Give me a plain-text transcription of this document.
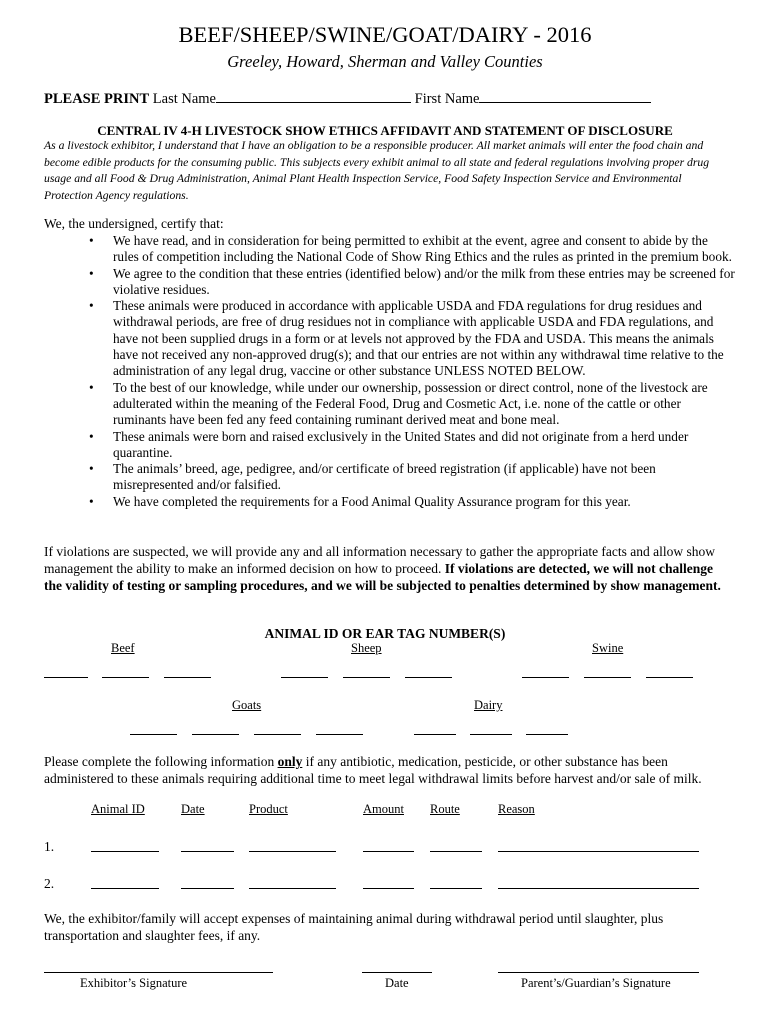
BEEF/SHEEP/SWINE/GOAT/DAIRY - 2016
Greeley, Howard, Sherman and Valley Counties
PLEASE PRINT Last Name	First Name
CENTRAL IV 4-H LIVESTOCK SHOW ETHICS AFFIDAVIT AND STATEMENT OF DISCLOSURE
As a livestock exhibitor, I understand that I have an obligation to be a responsible producer. All market animals will enter the food chain and become edible products for the consuming public. This subjects every exhibit animal to all state and federal regulations involving proper drug usage and all Food & Drug Administration, Animal Plant Health Inspection Service, Food Safety Inspection Service and Environmental Protection Agency regulations.
We, the undersigned, certify that:
• We have read, and in consideration for being permitted to exhibit at the event, agree and consent to abide by the rules of competition including the National Code of Show Ring Ethics and the rules as printed in the premium book.
• We agree to the condition that these entries (identified below) and/or the milk from these entries may be screened for violative residues.
• These animals were produced in accordance with applicable USDA and FDA regulations for drug residues and withdrawal periods, are free of drug residues not in compliance with applicable USDA and FDA regulations, and have not been supplied drugs in a form or at levels not approved by the FDA and USDA. This means the animals have not received any non-approved drug(s); and that our entries are not within any withdrawal time relative to the administration of any legal drug, vaccine or other substance UNLESS NOTED BELOW.
• To the best of our knowledge, while under our ownership, possession or direct control, none of the livestock are adulterated within the meaning of the Federal Food, Drug and Cosmetic Act, i.e. none of the cattle or other ruminants have been fed any feed containing ruminant derived meat and bone meal.
• These animals were born and raised exclusively in the United States and did not originate from a herd under quarantine.
• The animals’ breed, age, pedigree, and/or certificate of breed registration (if applicable) have not been misrepresented and/or falsified.
• We have completed the requirements for a Food Animal Quality Assurance program for this year.
If violations are suspected, we will provide any and all information necessary to gather the appropriate facts and allow show management the ability to make an informed decision on how to proceed. If violations are detected, we will not challenge the validity of testing or sampling procedures, and we will be subjected to penalties determined by show management.
ANIMAL ID OR EAR TAG NUMBER(S)
Beef	Sheep	Swine
Goats	Dairy
Please complete the following information only if any antibiotic, medication, pesticide, or other substance has been administered to these animals requiring additional time to meet legal withdrawal limits before harvest and/or sale of milk.
Animal ID	Date	Product	Amount Route	Reason
1.
2.
We, the exhibitor/family will accept expenses of maintaining animal during withdrawal period until slaughter, plus transportation and slaughter fees, if any.
Exhibitor’s Signature	Date	Parent’s/Guardian’s Signature
